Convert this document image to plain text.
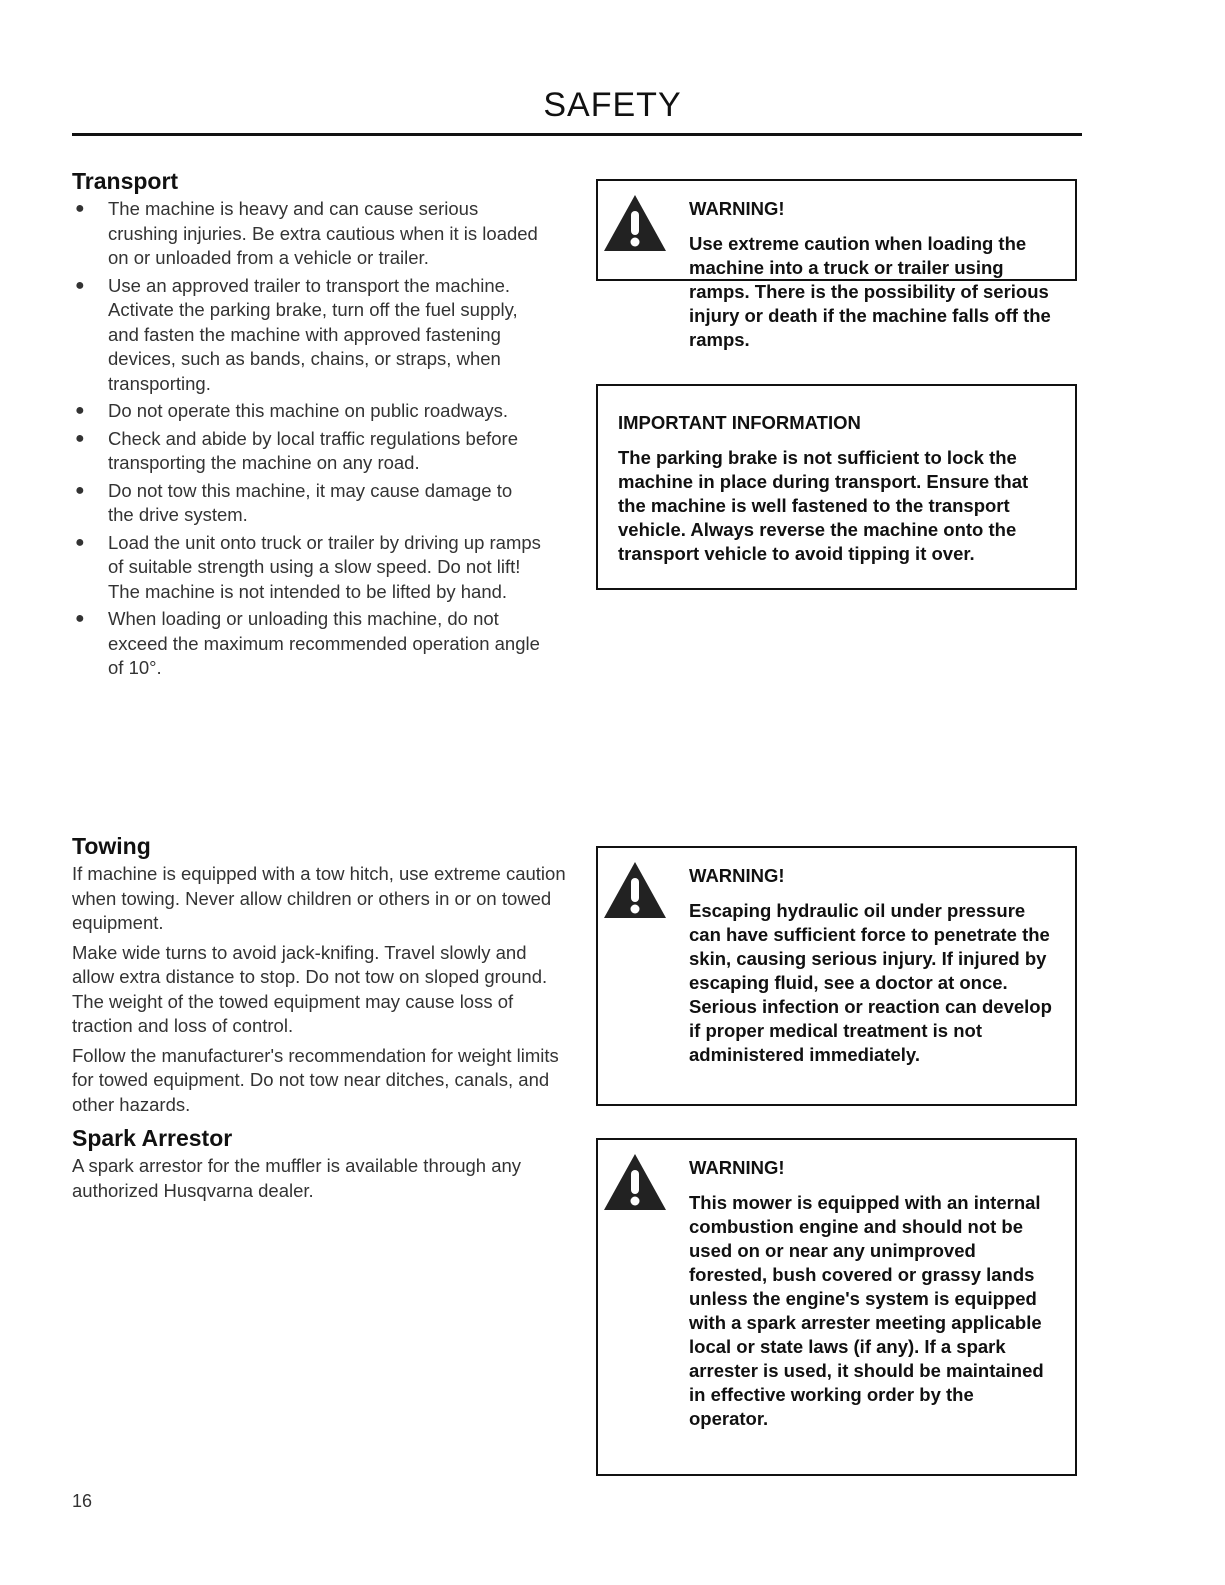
SAFETY
Transport
● The machine is heavy and can cause serious crushing injuries. Be extra cautious when it is loaded on or unloaded from a vehicle or trailer.
● Use an approved trailer to transport the machine. Activate the parking brake, turn off the fuel supply, and fasten the machine with approved fastening devices, such as bands, chains, or straps, when transporting.
● Do not operate this machine on public roadways.
● Check and abide by local traffic regulations before transporting the machine on any road.
● Do not tow this machine, it may cause damage to the drive system.
● Load the unit onto truck or trailer by driving up ramps of suitable strength using a slow speed. Do not lift! The machine is not intended to be lifted by hand.
● When loading or unloading this machine, do not exceed the maximum recommended operation angle of 10°.
Towing

If machine is equipped with a tow hitch, use extreme caution when towing. Never allow children or others in or on towed equipment.

Make wide turns to avoid jack-knifing. Travel slowly and allow extra distance to stop. Do not tow on sloped ground. The weight of the towed equipment may cause loss of traction and loss of control.

Follow the manufacturer's recommendation for weight limits for towed equipment. Do not tow near ditches, canals, and other hazards.

Spark Arrestor

A spark arrestor for the muffler is available through any authorized Husqvarna dealer.

WARNING!

Use extreme caution when loading the machine into a truck or trailer using ramps. There is the possibility of serious injury or death if the machine falls off the ramps.

IMPORTANT INFORMATION

The parking brake is not sufficient to lock the machine in place during transport. Ensure that the machine is well fastened to the transport vehicle. Always reverse the machine onto the transport vehicle to avoid tipping it over.

WARNING!

Escaping hydraulic oil under pressure can have sufficient force to penetrate the skin, causing serious injury. If injured by escaping fluid, see a doctor at once. Serious infection or reaction can develop if proper medical treatment is not administered immediately.

WARNING!

This mower is equipped with an internal combustion engine and should not be used on or near any unimproved forested, bush covered or grassy lands unless the engine's system is equipped with a spark arrester meeting applicable local or state laws (if any). If a spark arrester is used, it should be maintained in effective working order by the operator.

16
